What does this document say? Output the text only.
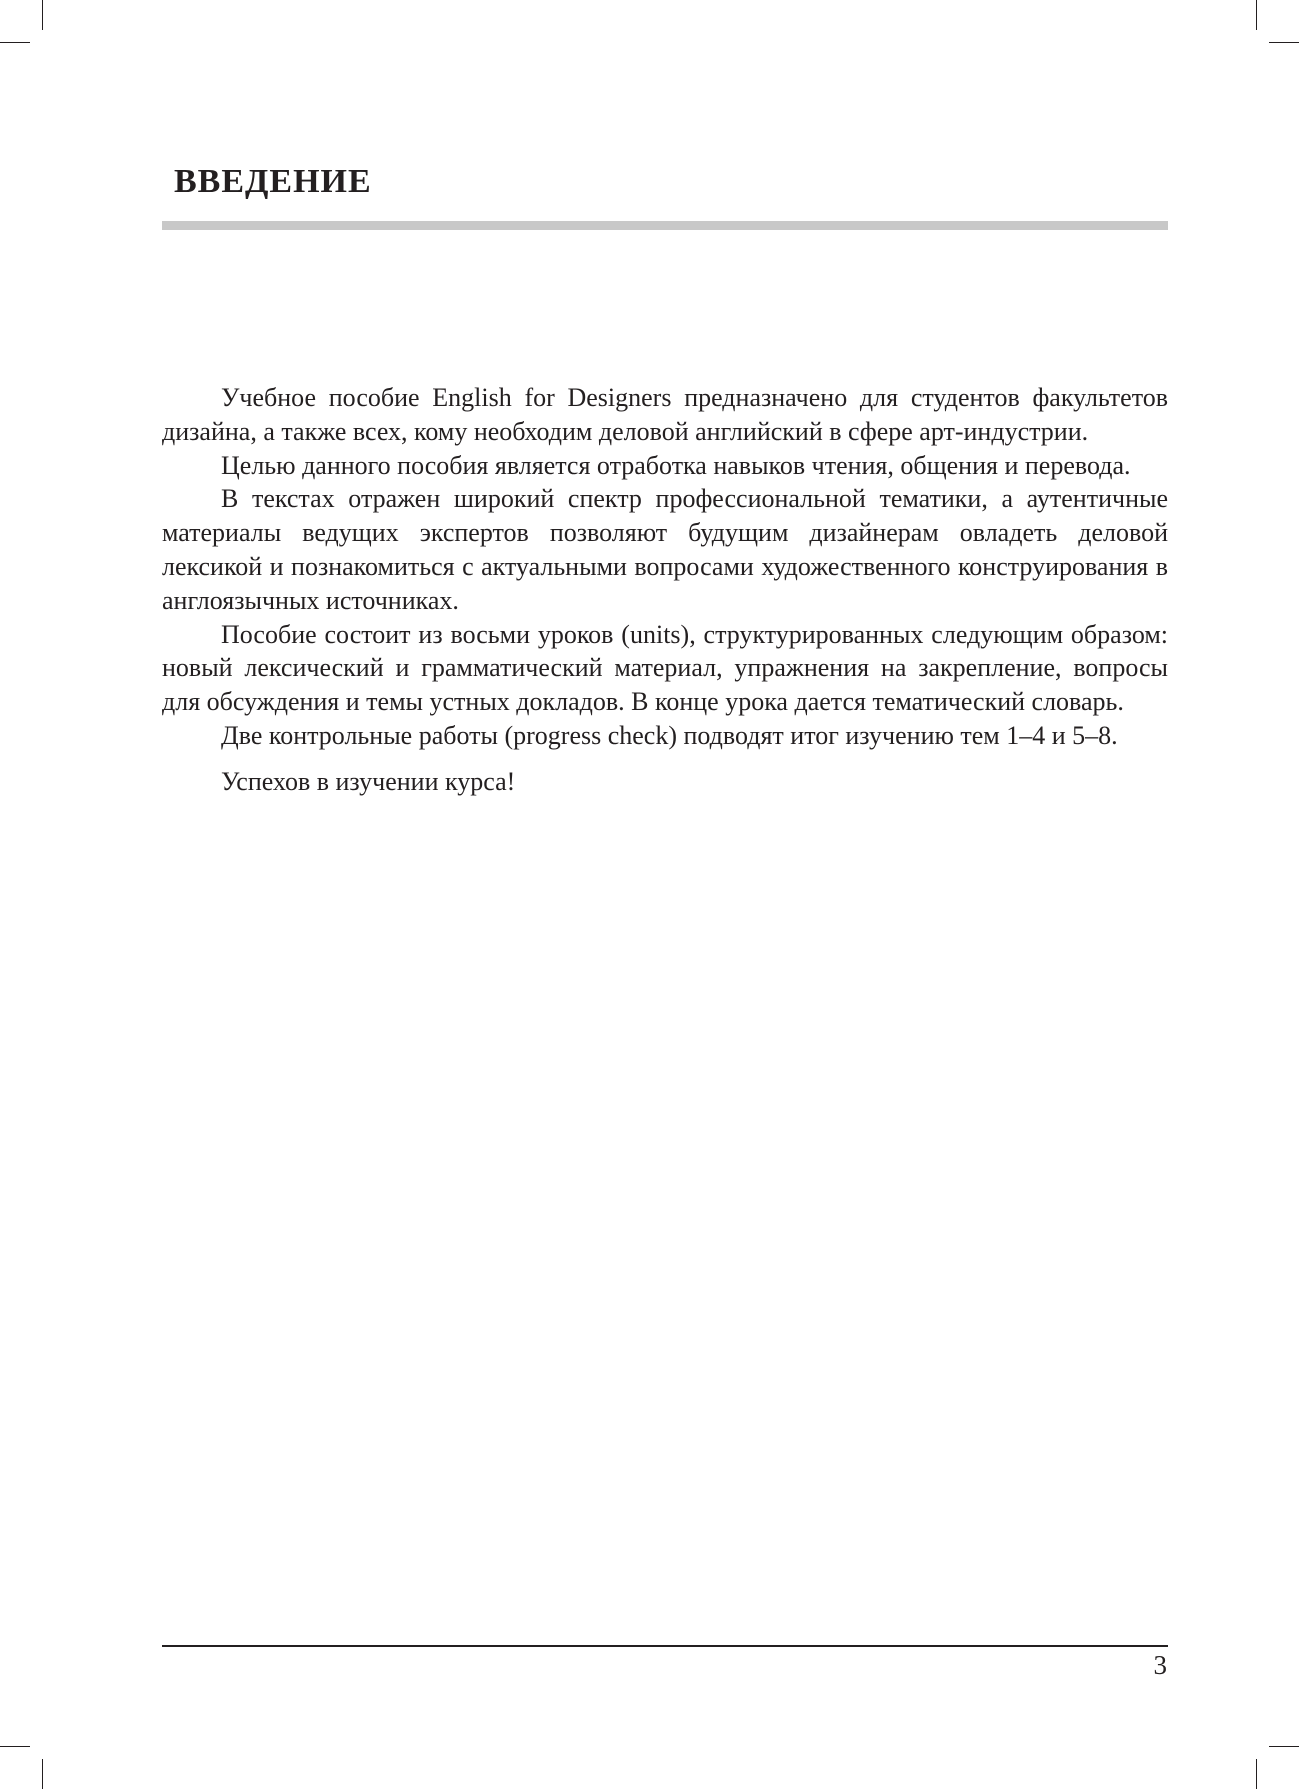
ВВЕДЕНИЕ

Учебное пособие English for Designers предназначено для студентов факультетов дизайна, а также всех, кому необходим деловой английский в сфере арт-индустрии.

Целью данного пособия является отработка навыков чтения, общения и перевода.

В текстах отражен широкий спектр профессиональной тематики, а аутентичные материалы ведущих экспертов позволяют будущим дизайнерам овладеть деловой лексикой и познакомиться с актуальными вопросами художественного конструирования в англоязычных источниках.

Пособие состоит из восьми уроков (units), структурированных следующим образом: новый лексический и грамматический материал, упражнения на закрепление, вопросы для обсуждения и темы устных докладов. В конце урока дается тематический словарь.

Две контрольные работы (progress check) подводят итог изучению тем 1–4 и 5–8.

Успехов в изучении курса!

3
